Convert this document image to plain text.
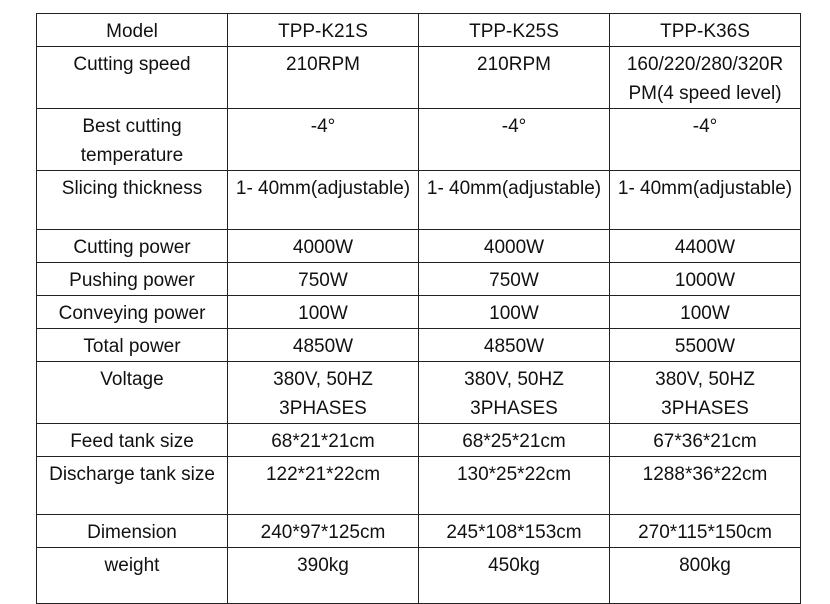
Model	TPP-K21S	TPP-K25S	TPP-K36S
Cutting speed	210RPM	210RPM	160/220/280/320R PM(4 speed level)
Best cutting temperature	-4°	-4°	-4°
Slicing thickness	1- 40mm(adjustable)	1- 40mm(adjustable)	1- 40mm(adjustable)
Cutting power	4000W	4000W	4400W
Pushing power	750W	750W	1000W
Conveying power	100W	100W	100W
Total power	4850W	4850W	5500W
Voltage	380V, 50HZ 3PHASES	380V, 50HZ 3PHASES	380V, 50HZ 3PHASES
Feed tank size	68*21*21cm	68*25*21cm	67*36*21cm
Discharge tank size	122*21*22cm	130*25*22cm	1288*36*22cm
Dimension	240*97*125cm	245*108*153cm	270*115*150cm
weight	390kg	450kg	800kg
